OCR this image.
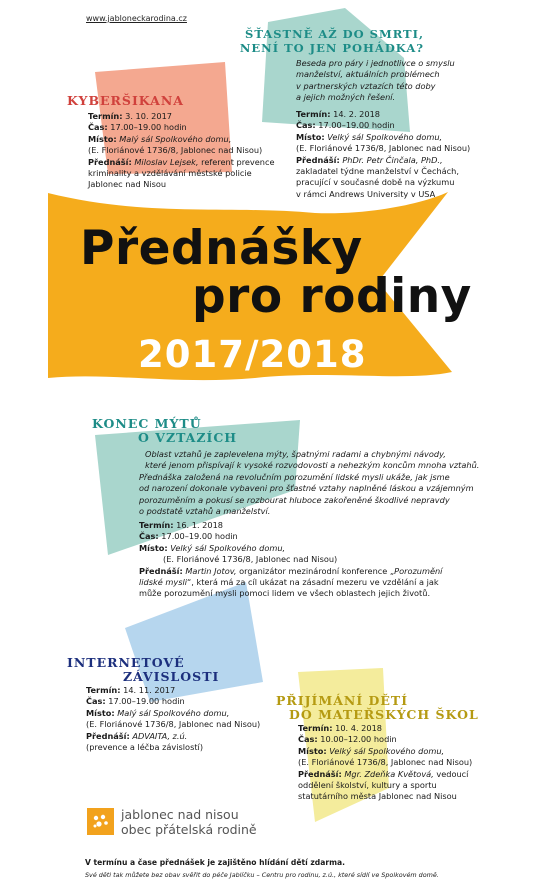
www.jabloneckarodina.cz
KYBERŠIKANA
Termín: 3. 10. 2017
Čas: 17.00–19.00 hodin
Místo: Malý sál Spolkového domu,
(E. Floriánové 1736/8, Jablonec nad Nisou)
Přednáší: Miloslav Lejsek, referent prevence
kriminality a vzdělávání městské policie
Jablonec nad Nisou
ŠŤASTNĚ AŽ DO SMRTI,
NENÍ TO JEN POHÁDKA?
Beseda pro páry i jednotlivce o smyslu
manželství, aktuálních problémech
v partnerských vztazích této doby
a jejich možných řešení.
Termín: 14. 2. 2018
Čas: 17.00–19.00 hodin
Místo: Velký sál Spolkového domu,
(E. Floriánové 1736/8, Jablonec nad Nisou)
Přednáší: PhDr. Petr Činčala, PhD.,
zakladatel týdne manželství v Čechách,
pracující v současné době na výzkumu
v rámci Andrews University v USA
Přednášky
pro rodiny
2017/2018
KONEC MÝTŮ
O VZTAZÍCH
Oblast vztahů je zaplevelena mýty, špatnými radami a chybnými návody,
které jenom přispívají k vysoké rozvodovosti a nehezkým koncům mnoha vztahů.
Přednáška založená na revolučním porozumění lidské mysli ukáže, jak jsme
od narození dokonale vybaveni pro šťastné vztahy naplněné láskou a vzájemným
porozuměním a pokusí se rozbourat hluboce zakořeněné škodlivé nepravdy
o podstatě vztahů a manželství.
Termín: 16. 1. 2018
Čas: 17.00–19.00 hodin
Místo: Velký sál Spolkového domu,
(E. Floriánové 1736/8, Jablonec nad Nisou)
Přednáší: Martin Jotov, organizátor mezinárodní konference „Porozumění
lidské mysli“, která má za cíl ukázat na zásadní mezeru ve vzdělání a jak
může porozumění mysli pomoci lidem ve všech oblastech jejich životů.
INTERNETOVÉ
ZÁVISLOSTI
Termín: 14. 11. 2017
Čas: 17.00–19.00 hodin
Místo: Malý sál Spolkového domu,
(E. Floriánové 1736/8, Jablonec nad Nisou)
Přednáší: ADVAITA, z.ú.
(prevence a léčba závislostí)
PŘIJÍMÁNÍ DĚTÍ
DO MATEŘSKÝCH ŠKOL
Termín: 10. 4. 2018
Čas: 10.00–12.00 hodin
Místo: Velký sál Spolkového domu,
(E. Floriánové 1736/8, Jablonec nad Nisou)
Přednáší: Mgr. Zdeňka Květová, vedoucí
oddělení školství, kultury a sportu
statutárního města Jablonec nad Nisou
jablonec nad nisou
obec přátelská rodině
V termínu a čase přednášek je zajištěno hlídání dětí zdarma.
Své děti tak můžete bez obav svěřit do péče Jablíčku – Centru pro rodinu, z.ú., které sídlí ve Spolkovém domě.
